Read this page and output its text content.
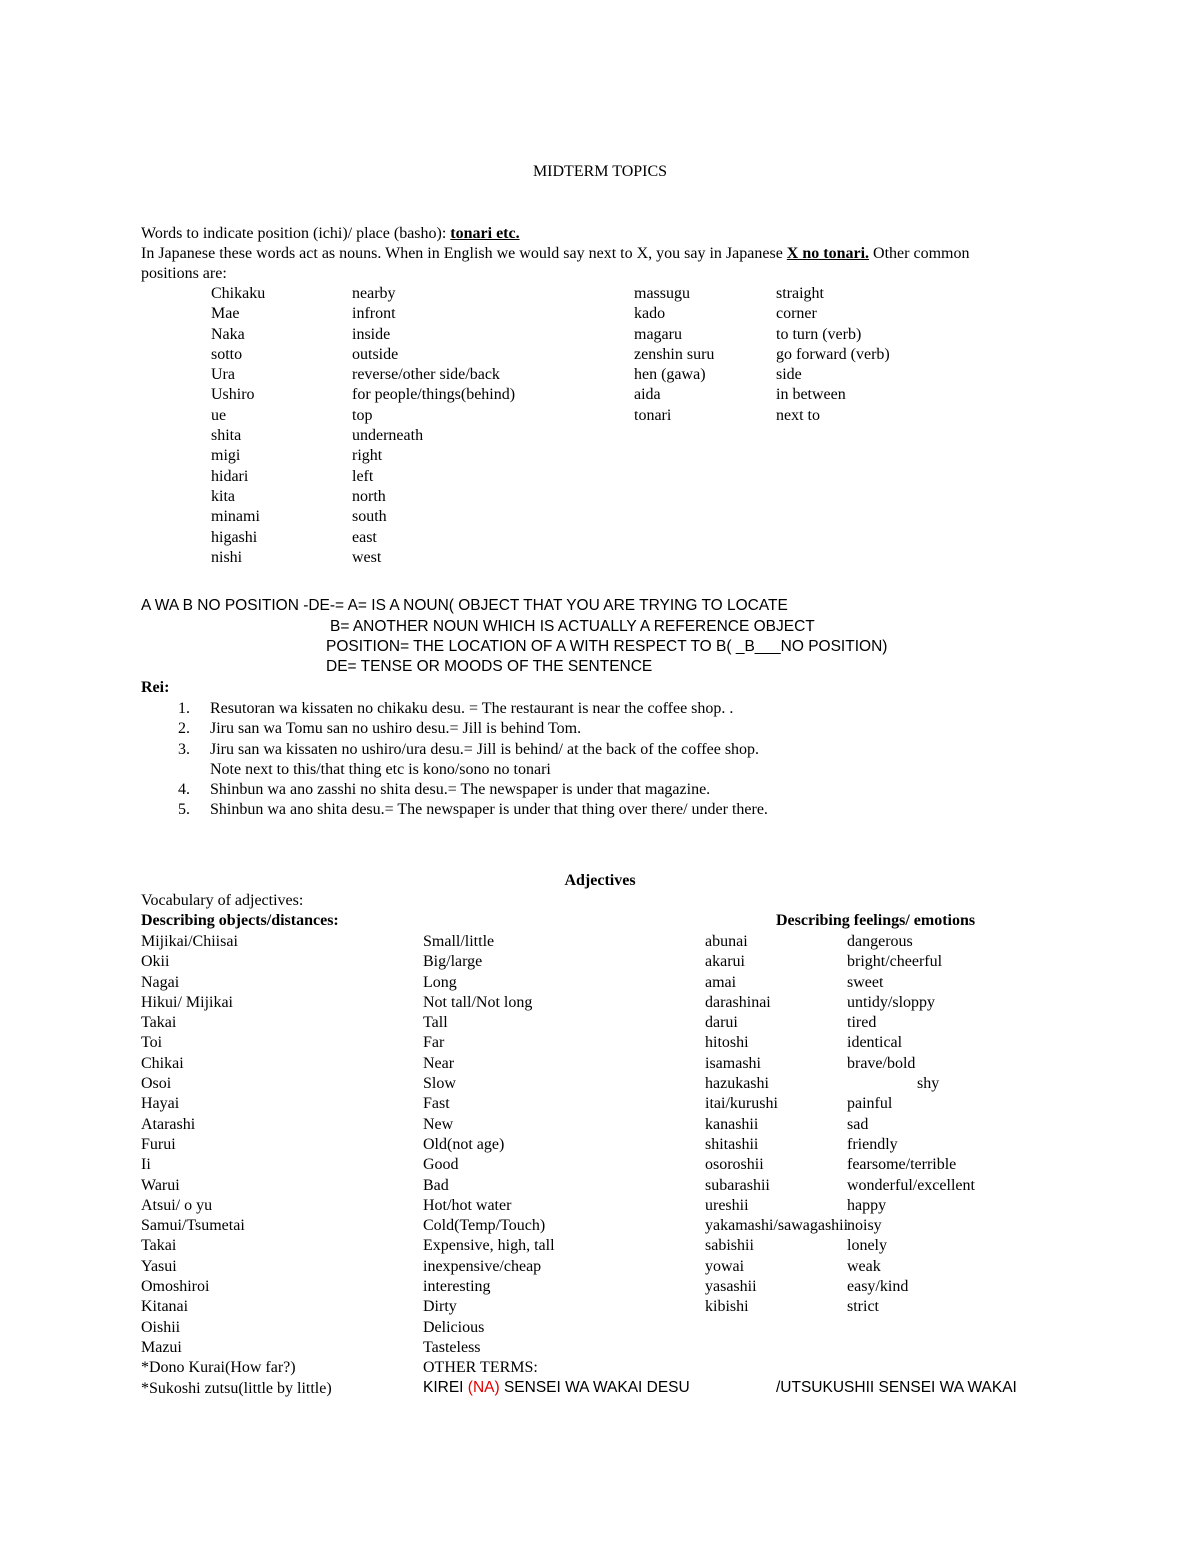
MIDTERM TOPICS
Words to indicate position (ichi)/ place (basho): tonari etc.
In Japanese these words act as nouns. When in English we would say next to X, you say in Japanese X no tonari. Other common
positions are:
Chikaku
Mae
Naka
sotto
Ura
Ushiro
ue
shita
migi
hidari
kita
minami
higashi
nishi
nearby
infront
inside
outside
reverse/other side/back
for people/things(behind)
top
underneath
right
left
north
south
east
west
massugu
kado
magaru
zenshin suru
hen (gawa)
aida
tonari
straight
corner
to turn (verb)
go forward (verb)
side
in between
next to
A WA B NO POSITION -DE-= A= IS A NOUN( OBJECT THAT YOU ARE TRYING TO LOCATE
B= ANOTHER NOUN WHICH IS ACTUALLY A REFERENCE OBJECT
POSITION= THE LOCATION OF A WITH RESPECT TO B( _B___NO POSITION)
DE= TENSE OR MOODS OF THE SENTENCE
Rei:
1. Resutoran wa kissaten no chikaku desu. = The restaurant is near the coffee shop. .
2. Jiru san wa Tomu san no ushiro desu.= Jill is behind Tom.
3. Jiru san wa kissaten no ushiro/ura desu.= Jill is behind/ at the back of the coffee shop.
Note next to this/that thing etc is kono/sono no tonari
4. Shinbun wa ano zasshi no shita desu.= The newspaper is under that magazine.
5. Shinbun wa ano shita desu.= The newspaper is under that thing over there/ under there.
Adjectives
Vocabulary of adjectives:
Describing objects/distances:	Describing feelings/ emotions
Mijikai/Chiisai
Okii
Nagai
Hikui/ Mijikai
Takai
Toi
Chikai
Osoi
Hayai
Atarashi
Furui
Ii
Warui
Atsui/ o yu
Samui/Tsumetai
Takai
Yasui
Omoshiroi
Kitanai
Oishii
Mazui
*Dono Kurai(How far?)
*Sukoshi zutsu(little by little)
Small/little
Big/large
Long
Not tall/Not long
Tall
Far
Near
Slow
Fast
New
Old(not age)
Good
Bad
Hot/hot water
Cold(Temp/Touch)
Expensive, high, tall
inexpensive/cheap
interesting
Dirty
Delicious
Tasteless
OTHER TERMS:
abunai
akarui
amai
darashinai
darui
hitoshi
isamashi
hazukashi
itai/kurushi
kanashii
shitashii
osoroshii
subarashii
ureshii
yakamashi/sawagashii
sabishii
yowai
yasashii
kibishi
dangerous
bright/cheerful
sweet
untidy/sloppy
tired
identical
brave/bold
shy
painful
sad
friendly
fearsome/terrible
wonderful/excellent
happy
noisy
lonely
weak
easy/kind
strict
KIREI (NA) SENSEI WA WAKAI DESU	/UTSUKUSHII SENSEI WA WAKAI
